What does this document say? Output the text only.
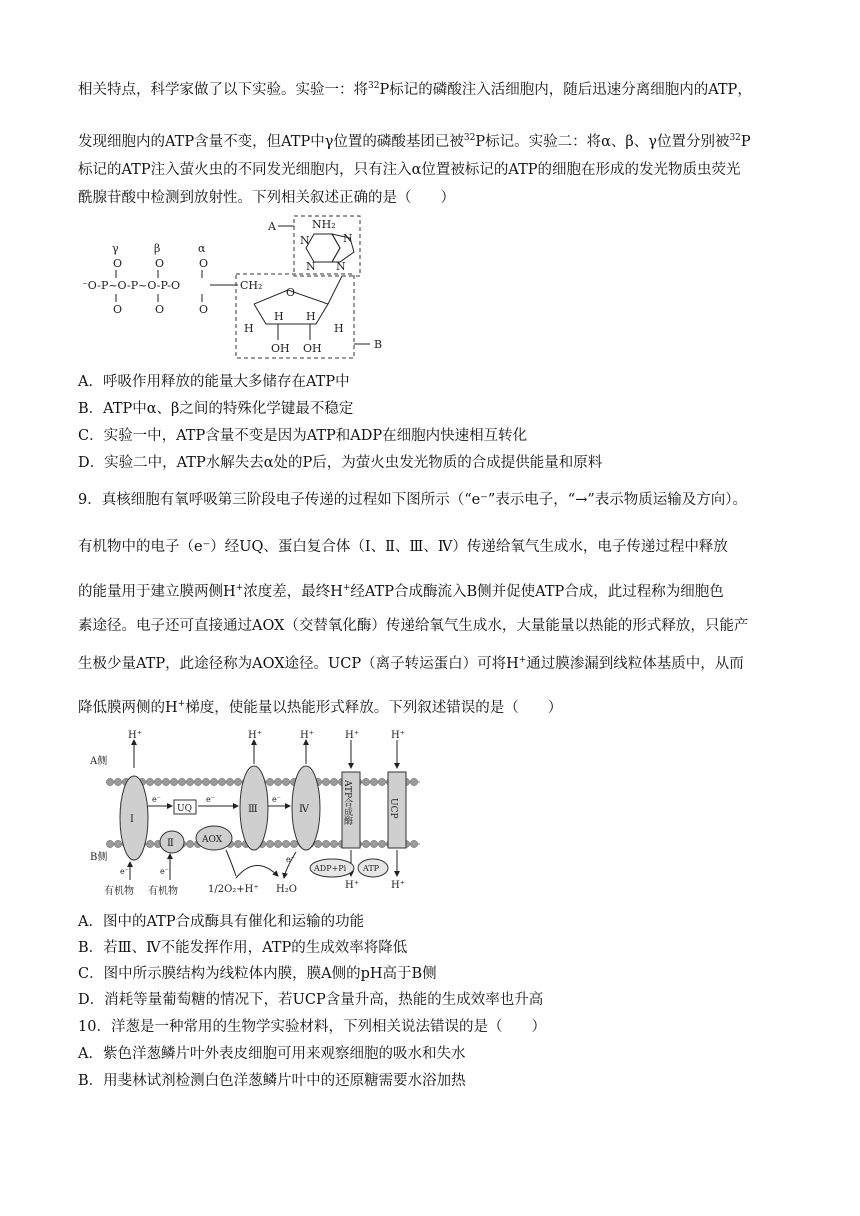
相关特点，科学家做了以下实验。实验一：将$^{32}$P标记的磷酸注入活细胞内，随后迅速分离细胞内的ATP，
发现细胞内的ATP含量不变，但ATP中γ位置的磷酸基团已被$^{32}$P标记。实验二：将α、β、γ位置分别被$^{32}$P
标记的ATP注入萤火虫的不同发光细胞内，只有注入α位置被标记的ATP的细胞在形成的发光物质虫荧光
酰腺苷酸中检测到放射性。下列相关叙述正确的是（　　）
γ	β	α
O	O	O
⁻O-P~O-P~O-P-O
O	O	O
CH₂
O
H	H
H H
OH OH	B
A	NH₂
N
N
N
N
A．呼吸作用释放的能量大多储存在ATP中
B．ATP中α、β之间的特殊化学键最不稳定
C．实验一中，ATP含量不变是因为ATP和ADP在细胞内快速相互转化
D．实验二中，ATP水解失去α处的P后，为萤火虫发光物质的合成提供能量和原料
9．真核细胞有氧呼吸第三阶段电子传递的过程如下图所示（“e⁻”表示电子，“→”表示物质运输及方向）。
有机物中的电子（e⁻）经UQ、蛋白复合体（Ⅰ、Ⅱ、Ⅲ、Ⅳ）传递给氧气生成水，电子传递过程中释放
的能量用于建立膜两侧H+浓度差，最终H+经ATP合成酶流入B侧并促使ATP合成，此过程称为细胞色
素途径。电子还可直接通过AOX（交替氧化酶）传递给氧气生成水，大量能量以热能的形式释放，只能产
生极少量ATP，此途径称为AOX途径。UCP（离子转运蛋白）可将H+通过膜渗漏到线粒体基质中，从而
降低膜两侧的H+梯度，使能量以热能形式释放。下列叙述错误的是（　　）
A侧
B侧
Ⅰ
Ⅱ
UQ
AOX
Ⅲ	Ⅳ	ATP合成酶	UCP
H⁺	H⁺	H⁺	H⁺	H⁺
H⁺
H⁺
e⁻	e⁻	e⁻
e⁻
有机物
e⁻
有机物	1/2O₂+H⁺ H₂O
e⁻
ADP+Pi ATP
A．图中的ATP合成酶具有催化和运输的功能
B．若Ⅲ、Ⅳ不能发挥作用，ATP的生成效率将降低
C．图中所示膜结构为线粒体内膜，膜A侧的pH高于B侧
D．消耗等量葡萄糖的情况下，若UCP含量升高，热能的生成效率也升高
10．洋葱是一种常用的生物学实验材料，下列相关说法错误的是（　　）
A．紫色洋葱鳞片叶外表皮细胞可用来观察细胞的吸水和失水
B．用斐林试剂检测白色洋葱鳞片叶中的还原糖需要水浴加热
